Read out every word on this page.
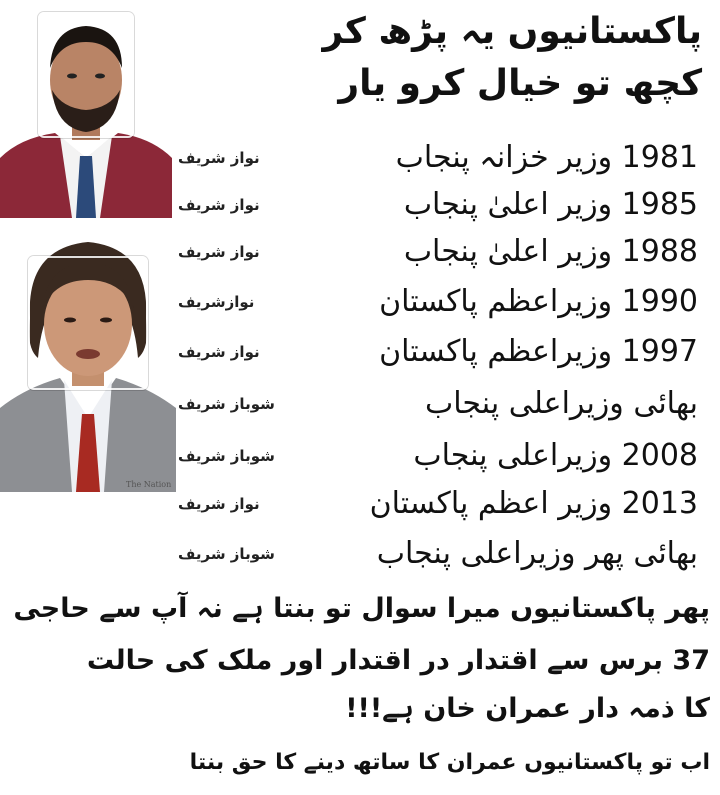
پاکستانیوں یہ پڑھ کر
کچھ تو خیال کرو یار
The Nation
1981 وزیر خزانہ پنجاب
نواز شریف
1985 وزیر اعلیٰ پنجاب
نواز شریف
1988 وزیر اعلیٰ پنجاب
نواز شریف
1990 وزیراعظم پاکستان
نوازشریف
1997 وزیراعظم پاکستان
نواز شریف
بھائی وزیراعلی پنجاب
شوباز شریف
2008 وزیراعلی پنجاب
شوباز شریف
2013 وزیر اعظم پاکستان
نواز شریف
بھائی پھر وزیراعلی پنجاب
شوباز شریف
پھر پاکستانیوں میرا سوال تو بنتا ہے نہ آپ سے حاجی
37 برس سے اقتدار در اقتدار اور ملک کی حالت
کا ذمہ دار عمران خان ہے!!!
اب تو پاکستانیوں عمران کا ساتھ دینے کا حق بنتا
